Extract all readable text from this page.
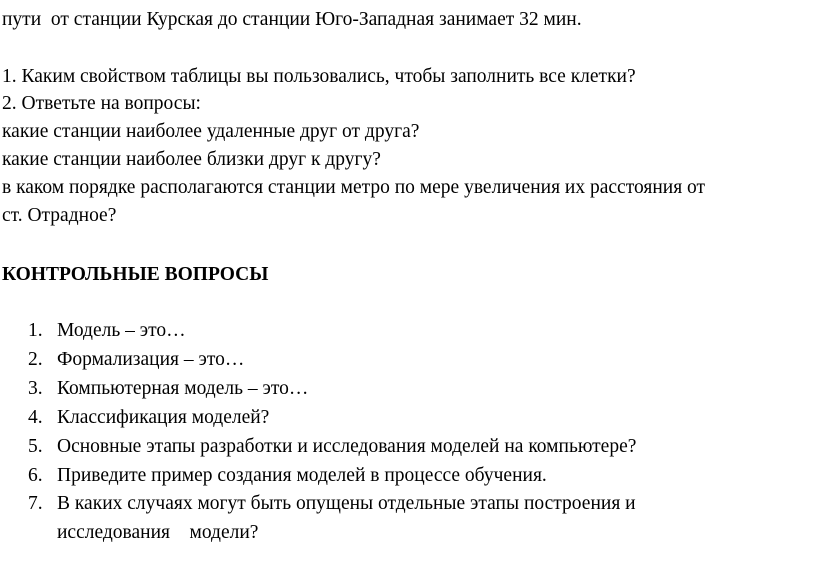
пути  от станции Курская до станции Юго-Западная занимает 32 мин.
1. Каким свойством таблицы вы пользовались, чтобы заполнить все клетки?
2. Ответьте на вопросы:
какие станции наиболее удаленные друг от друга?
какие станции наиболее близки друг к другу?
в каком порядке располагаются станции метро по мере увеличения их расстояния от
ст. Отрадное?
КОНТРОЛЬНЫЕ ВОПРОСЫ
1. Модель – это…
2. Формализация – это…
3. Компьютерная модель – это…
4. Классификация моделей?
5. Основные этапы разработки и исследования моделей на компьютере?
6. Приведите пример создания моделей в процессе обучения.
7. В каких случаях могут быть опущены отдельные этапы построения и
исследования    модели?
